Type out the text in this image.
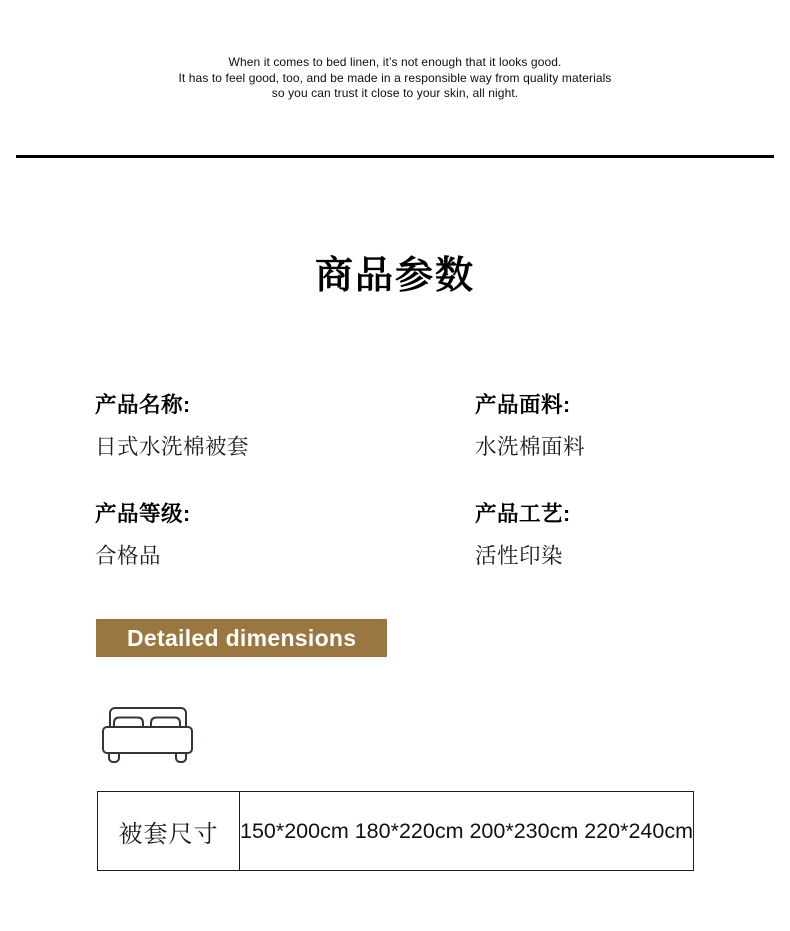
When it comes to bed linen, it’s not enough that it looks good.

It has to feel good, too, and be made in a responsible way from quality materials

so you can trust it close to your skin, all night.

商品参数
产品名称:
日式水洗棉被套
产品面料:
水洗棉面料
产品等级:
合格品
产品工艺:
活性印染
Detailed dimensions
被套尺寸	150*200cm 180*220cm 200*230cm 220*240cm
